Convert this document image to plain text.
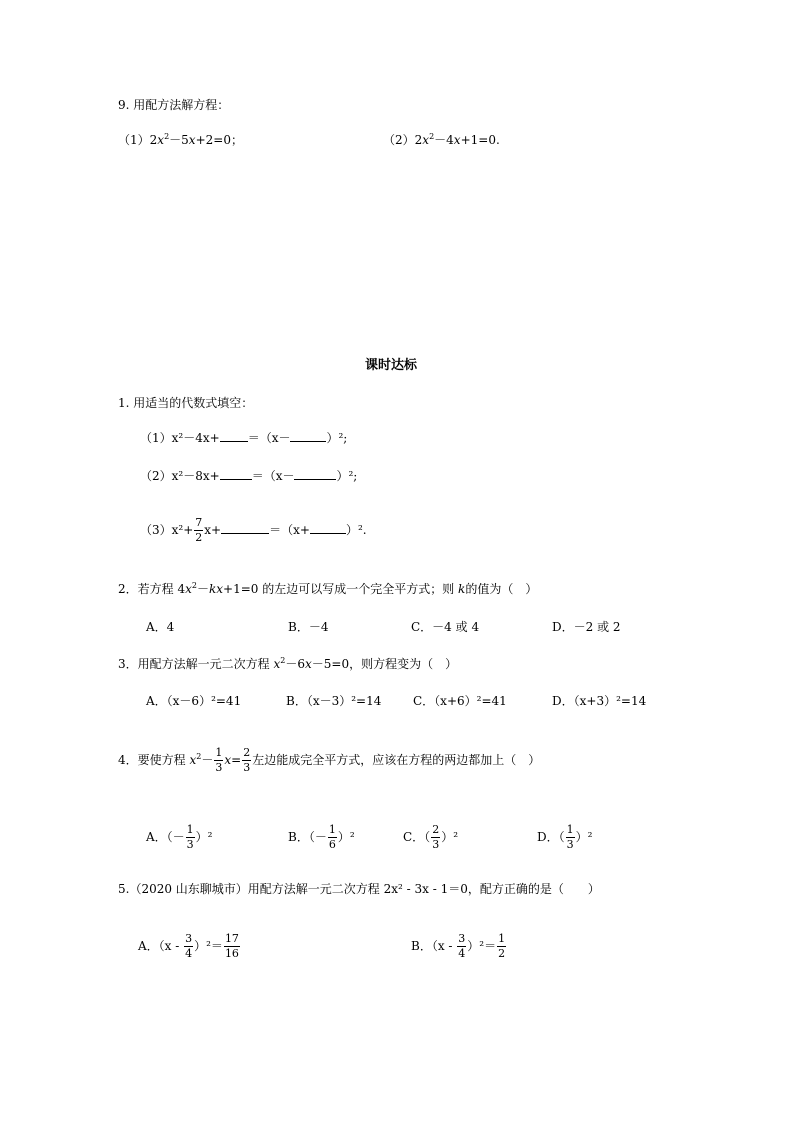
9. 用配方法解方程：
$(1)2x^2-5x+2=0$；	$(2)2x^2-4x+1=0$.
课时达标
1. 用适当的代数式填空：
（1）x²－4x+ ＝（x－	）²;
（2）x²－8x+	＝（x－	）²;
$(3)x^2+ \frac{7}{2} x+$	＝（x+	）².
2．若方程 $4x^2-kx+1=0$ 的左边可以写成一个完全平方式；则 k的值为（　）
A．4	B．－4	C．－4 或 4	D．－2 或 2
3．用配方法解一元二次方程 $x^2-6x-5=0$，则方程变为（　）
A．（x－6）²=41	B．（x－3）²=14	C．（x+6）²=41	D．（x+3）²=14
4．要使方程 $x^2- \frac{1}{3} x= \frac{2}{3}$ 左边能成完全平方式，应该在方程的两边都加上（　）
A．（－ $\frac{1}{3} )^2$	B．（－ $\frac{1}{6} )^2$	C．（ $\frac{2}{3} )^2$	D．（ $\frac{1}{3} )^2$
5.（2020 山东聊城市）用配方法解一元二次方程 2x² - 3x - 1＝0，配方正确的是（　　）
A．$(x - \frac{3}{4} )^2= \frac{17}{16}$	B．$(x - \frac{3}{4} )^2= \frac{1}{2}$
